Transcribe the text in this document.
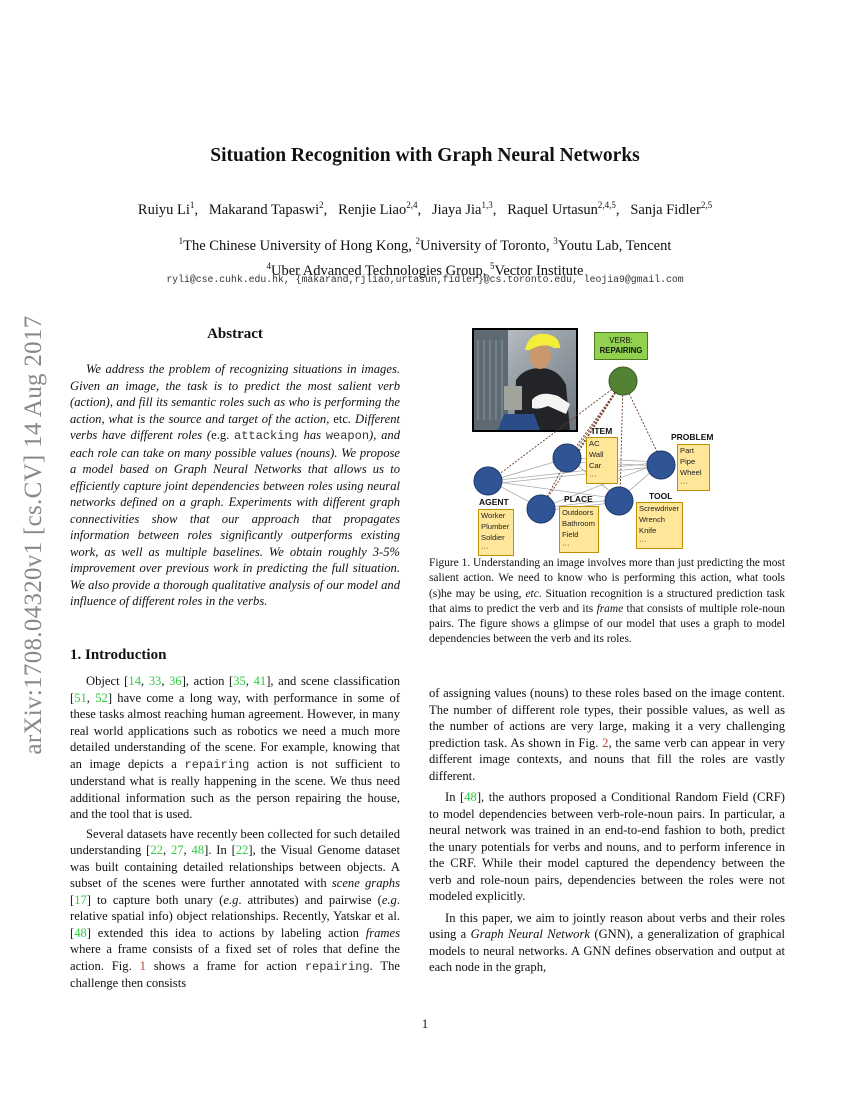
arXiv:1708.04320v1 [cs.CV] 14 Aug 2017
Situation Recognition with Graph Neural Networks
Ruiyu Li$^1$,   Makarand Tapaswi$^2$,   Renjie Liao$^{2,4}$,   Jiaya Jia$^{1,3}$,   Raquel Urtasun$^{2,4,5}$,   Sanja Fidler$^{2,5}$
$^1$The Chinese University of Hong Kong, $^2$University of Toronto, $^3$Youtu Lab, Tencent
$^4$Uber Advanced Technologies Group, $^5$Vector Institute
ryli@cse.cuhk.edu.hk, {makarand,rjliao,urtasun,fidler}@cs.toronto.edu, leojia9@gmail.com
Abstract

We address the problem of recognizing situations in images. Given an image, the task is to predict the most salient verb (action), and fill its semantic roles such as who is performing the action, what is the source and target of the action, etc. Different verbs have different roles (e.g. attacking has weapon), and each role can take on many possible values (nouns). We propose a model based on Graph Neural Networks that allows us to efficiently capture joint dependencies between roles using neural networks defined on a graph. Experiments with different graph connectivities show that our approach that propagates information between roles significantly outperforms existing work, as well as multiple baselines. We obtain roughly 3-5% improvement over previous work in predicting the full situation. We also provide a thorough qualitative analysis of our model and influence of different roles in the verbs.

1. Introduction

Object [14, 33, 36], action [35, 41], and scene classification [51, 52] have come a long way, with performance in some of these tasks almost reaching human agreement. However, in many real world applications such as robotics we need a much more detailed understanding of the scene. For example, knowing that an image depicts a repairing action is not sufficient to understand what is really happening in the scene. We thus need additional information such as the person repairing the house, and the tool that is used.

Several datasets have recently been collected for such detailed understanding [22, 27, 48]. In [22], the Visual Genome dataset was built containing detailed relationships between objects. A subset of the scenes were further annotated with scene graphs [17] to capture both unary (e.g. attributes) and pairwise (e.g. relative spatial info) object relationships. Recently, Yatskar et al. [48] extended this idea to actions by labeling action frames where a frame consists of a fixed set of roles that define the action. Fig. 1 shows a frame for action repairing. The challenge then consists

VERB:
REPAIRING
ITEM
AC
Wall
Car
···
PROBLEM
Part
Pipe
Wheel
···
AGENT
Worker
Plumber
Soldier
···
PLACE
Outdoors
Bathroom
Field
···
TOOL
Screwdriver
Wrench
Knife
···

Figure 1. Understanding an image involves more than just predicting the most salient action. We need to know who is performing this action, what tools (s)he may be using, etc. Situation recognition is a structured prediction task that aims to predict the verb and its frame that consists of multiple role-noun pairs. The figure shows a glimpse of our model that uses a graph to model dependencies between the verb and its roles.

of assigning values (nouns) to these roles based on the image content. The number of different role types, their possible values, as well as the number of actions are very large, making it a very challenging prediction task. As shown in Fig. 2, the same verb can appear in very different image contexts, and nouns that fill the roles are vastly different.

In [48], the authors proposed a Conditional Random Field (CRF) to model dependencies between verb-role-noun pairs. In particular, a neural network was trained in an end-to-end fashion to both, predict the unary potentials for verbs and nouns, and to perform inference in the CRF. While their model captured the dependency between the verb and role-noun pairs, dependencies between the roles were not modeled explicitly.

In this paper, we aim to jointly reason about verbs and their roles using a Graph Neural Network (GNN), a generalization of graphical models to neural networks. A GNN defines observation and output at each node in the graph,

1
